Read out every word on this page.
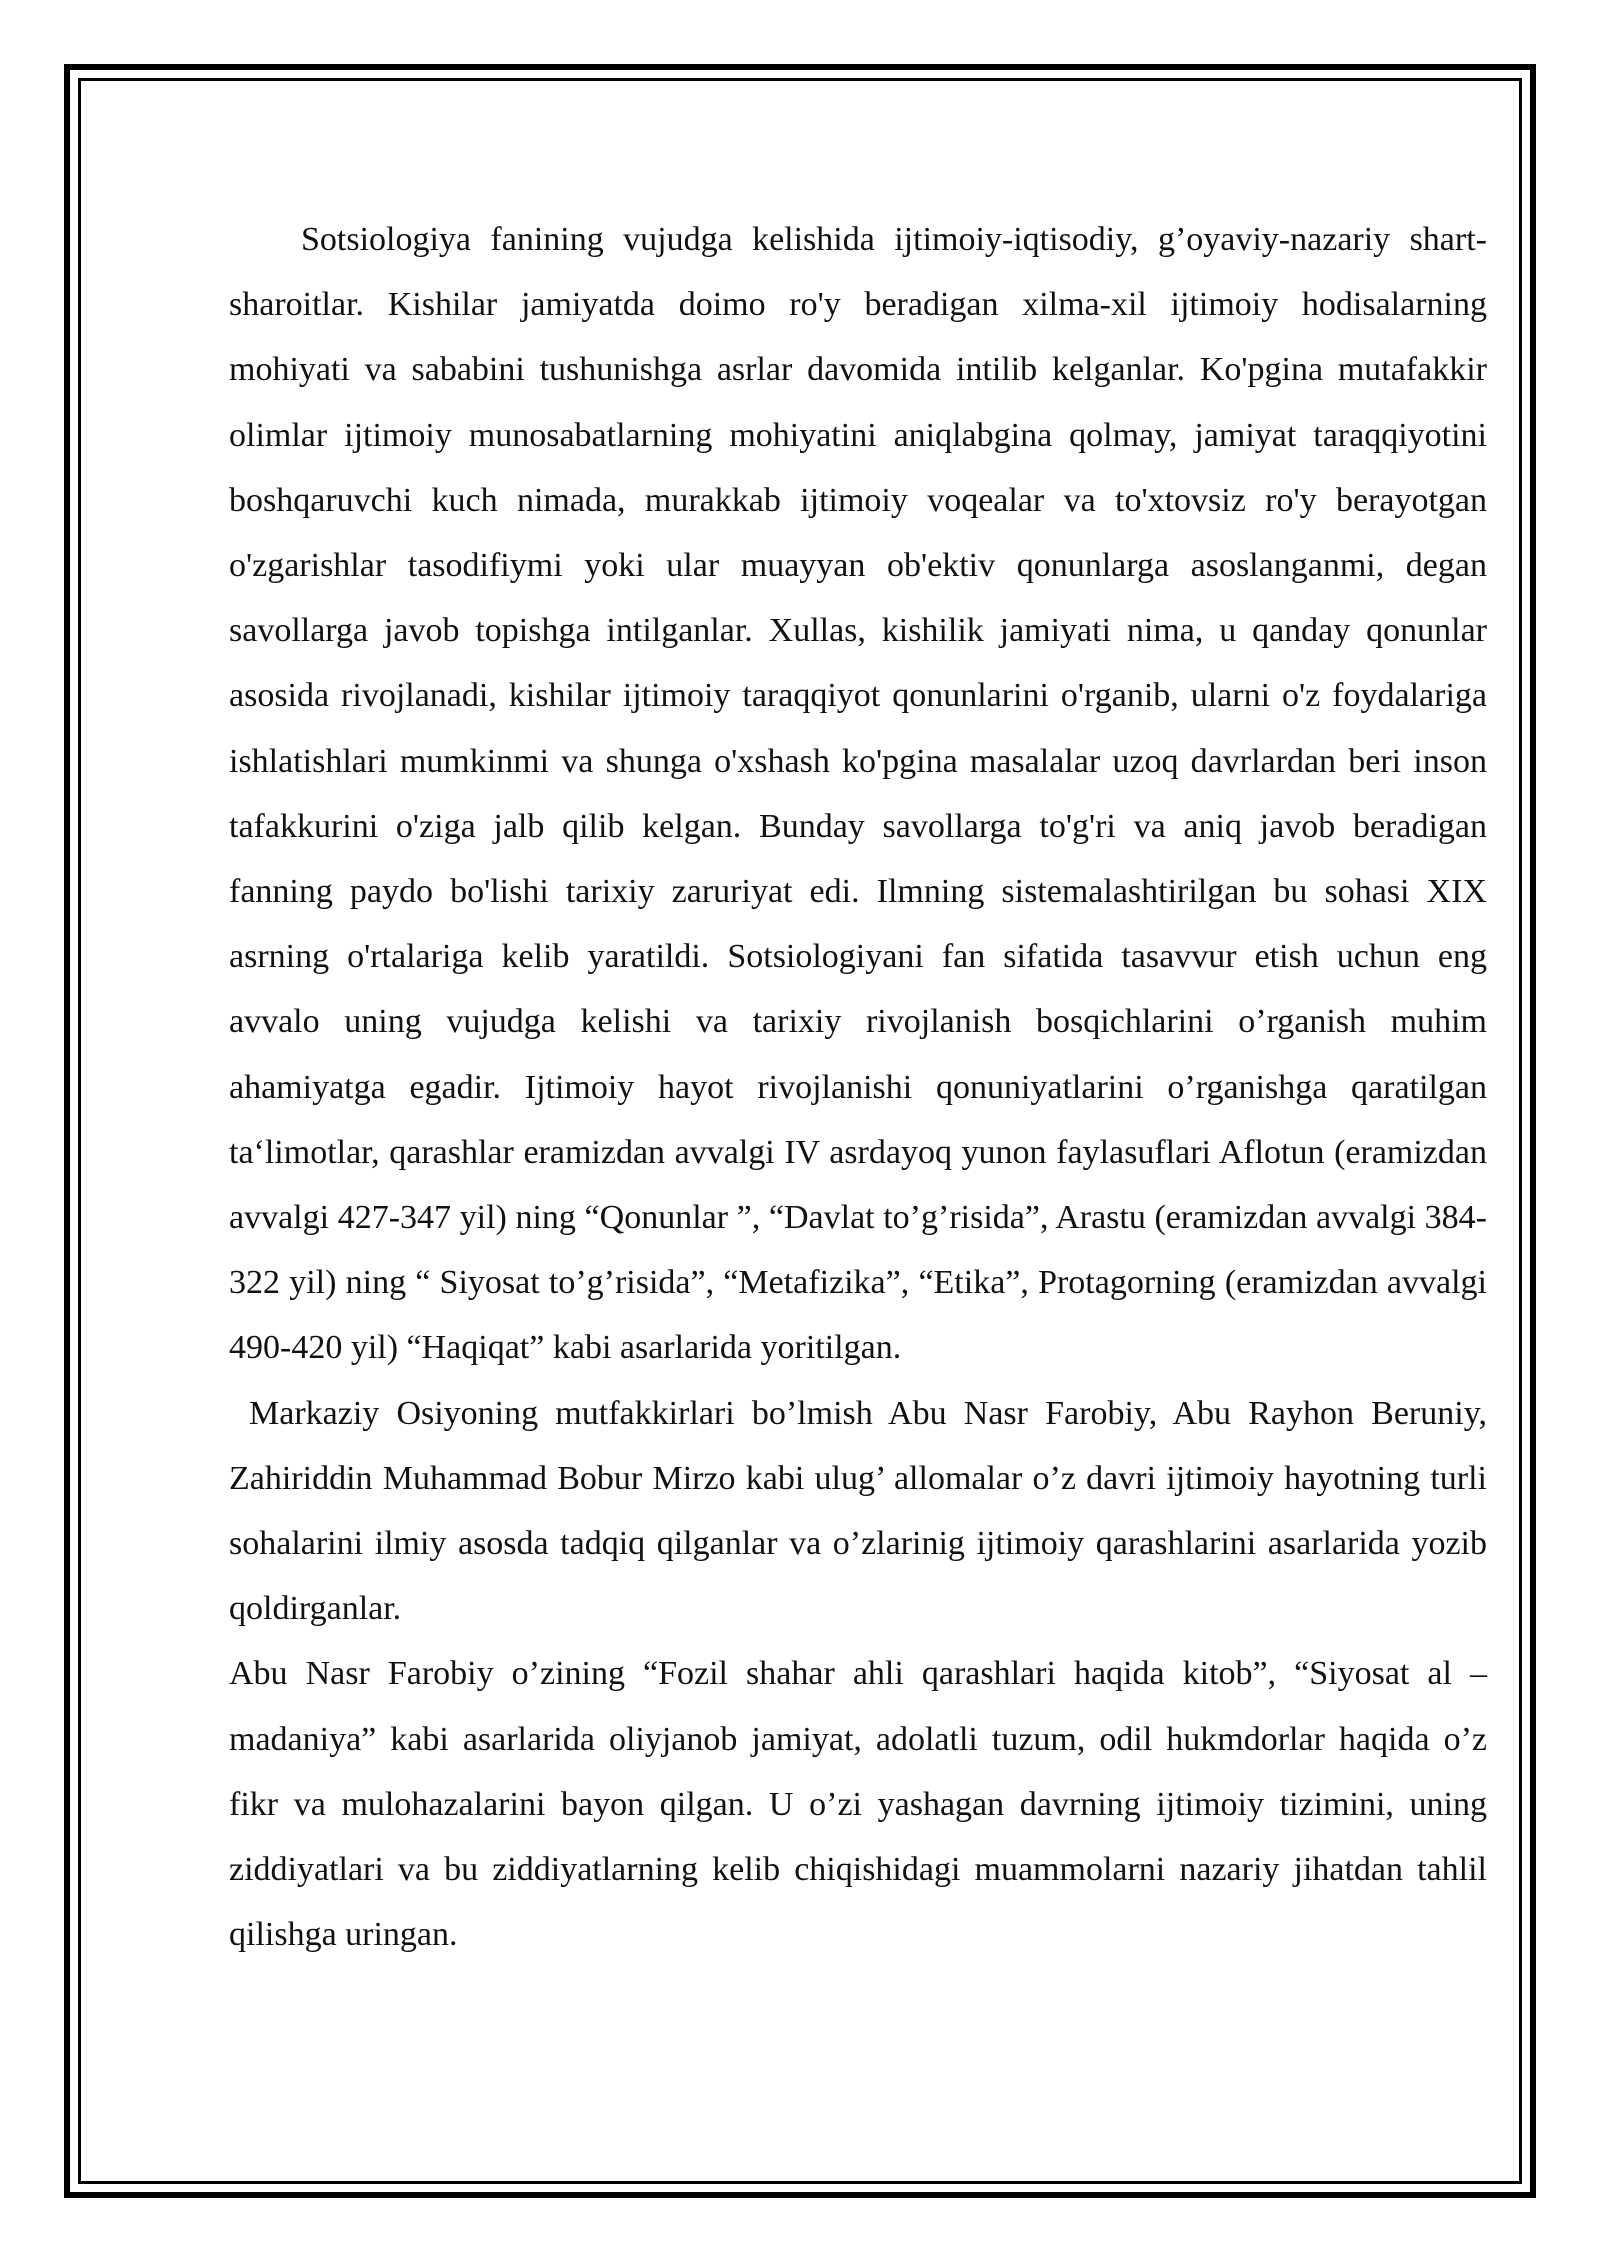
Sotsiologiya fanining vujudga kelishida ijtimoiy-iqtisodiy, g’oyaviy-nazariy shart-sharoitlar. Kishilar jamiyatda doimo ro'y beradigan xilma-xil ijtimoiy hodisalarning mohiyati va sababini tushunishga asrlar davomida intilib kelganlar. Ko'pgina mutafakkir olimlar ijtimoiy munosabatlarning mohiyatini aniqlabgina qolmay, jamiyat taraqqiyotini boshqaruvchi kuch nimada, murakkab ijtimoiy voqealar va to'xtovsiz ro'y berayotgan o'zgarishlar tasodifiymi yoki ular muayyan ob'ektiv qonunlarga asoslanganmi, degan savollarga javob topishga intilganlar. Xullas, kishilik jamiyati nima, u qanday qonunlar asosida rivojlanadi, kishilar ijtimoiy taraqqiyot qonunlarini o'rganib, ularni o'z foydalariga ishlatishlari mumkinmi va shunga o'xshash ko'pgina masalalar uzoq davrlardan beri inson tafakkurini o'ziga jalb qilib kelgan. Bunday savollarga to'g'ri va aniq javob beradigan fanning paydo bo'lishi tarixiy zaruriyat edi. Ilmning sistemalashtirilgan bu sohasi XIX asrning o'rtalariga kelib yaratildi. Sotsiologiyani fan sifatida tasavvur etish uchun eng avvalo uning vujudga kelishi va tarixiy rivojlanish bosqichlarini o’rganish muhim ahamiyatga egadir. Ijtimoiy hayot rivojlanishi qonuniyatlarini o’rganishga qaratilgan ta‘limotlar, qarashlar eramizdan avvalgi IV asrdayoq yunon faylasuflari Aflotun (eramizdan avvalgi 427-347 yil) ning “Qonunlar ”, “Davlat to’g’risida”, Arastu (eramizdan avvalgi 384-322 yil) ning “ Siyosat to’g’risida”, “Metafizika”, “Etika”, Protagorning (eramizdan avvalgi 490-420 yil) “Haqiqat” kabi asarlarida yoritilgan.

Markaziy Osiyoning mutfakkirlari bo’lmish Abu Nasr Farobiy, Abu Rayhon Beruniy, Zahiriddin Muhammad Bobur Mirzo kabi ulug’ allomalar o’z davri ijtimoiy hayotning turli sohalarini ilmiy asosda tadqiq qilganlar va o’zlarinig ijtimoiy qarashlarini asarlarida yozib qoldirganlar.

Abu Nasr Farobiy o’zining “Fozil shahar ahli qarashlari haqida kitob”, “Siyosat al – madaniya” kabi asarlarida oliyjanob jamiyat, adolatli tuzum, odil hukmdorlar haqida o’z fikr va mulohazalarini bayon qilgan. U o’zi yashagan davrning ijtimoiy tizimini, uning ziddiyatlari va bu ziddiyatlarning kelib chiqishidagi muammolarni nazariy jihatdan tahlil qilishga uringan.
